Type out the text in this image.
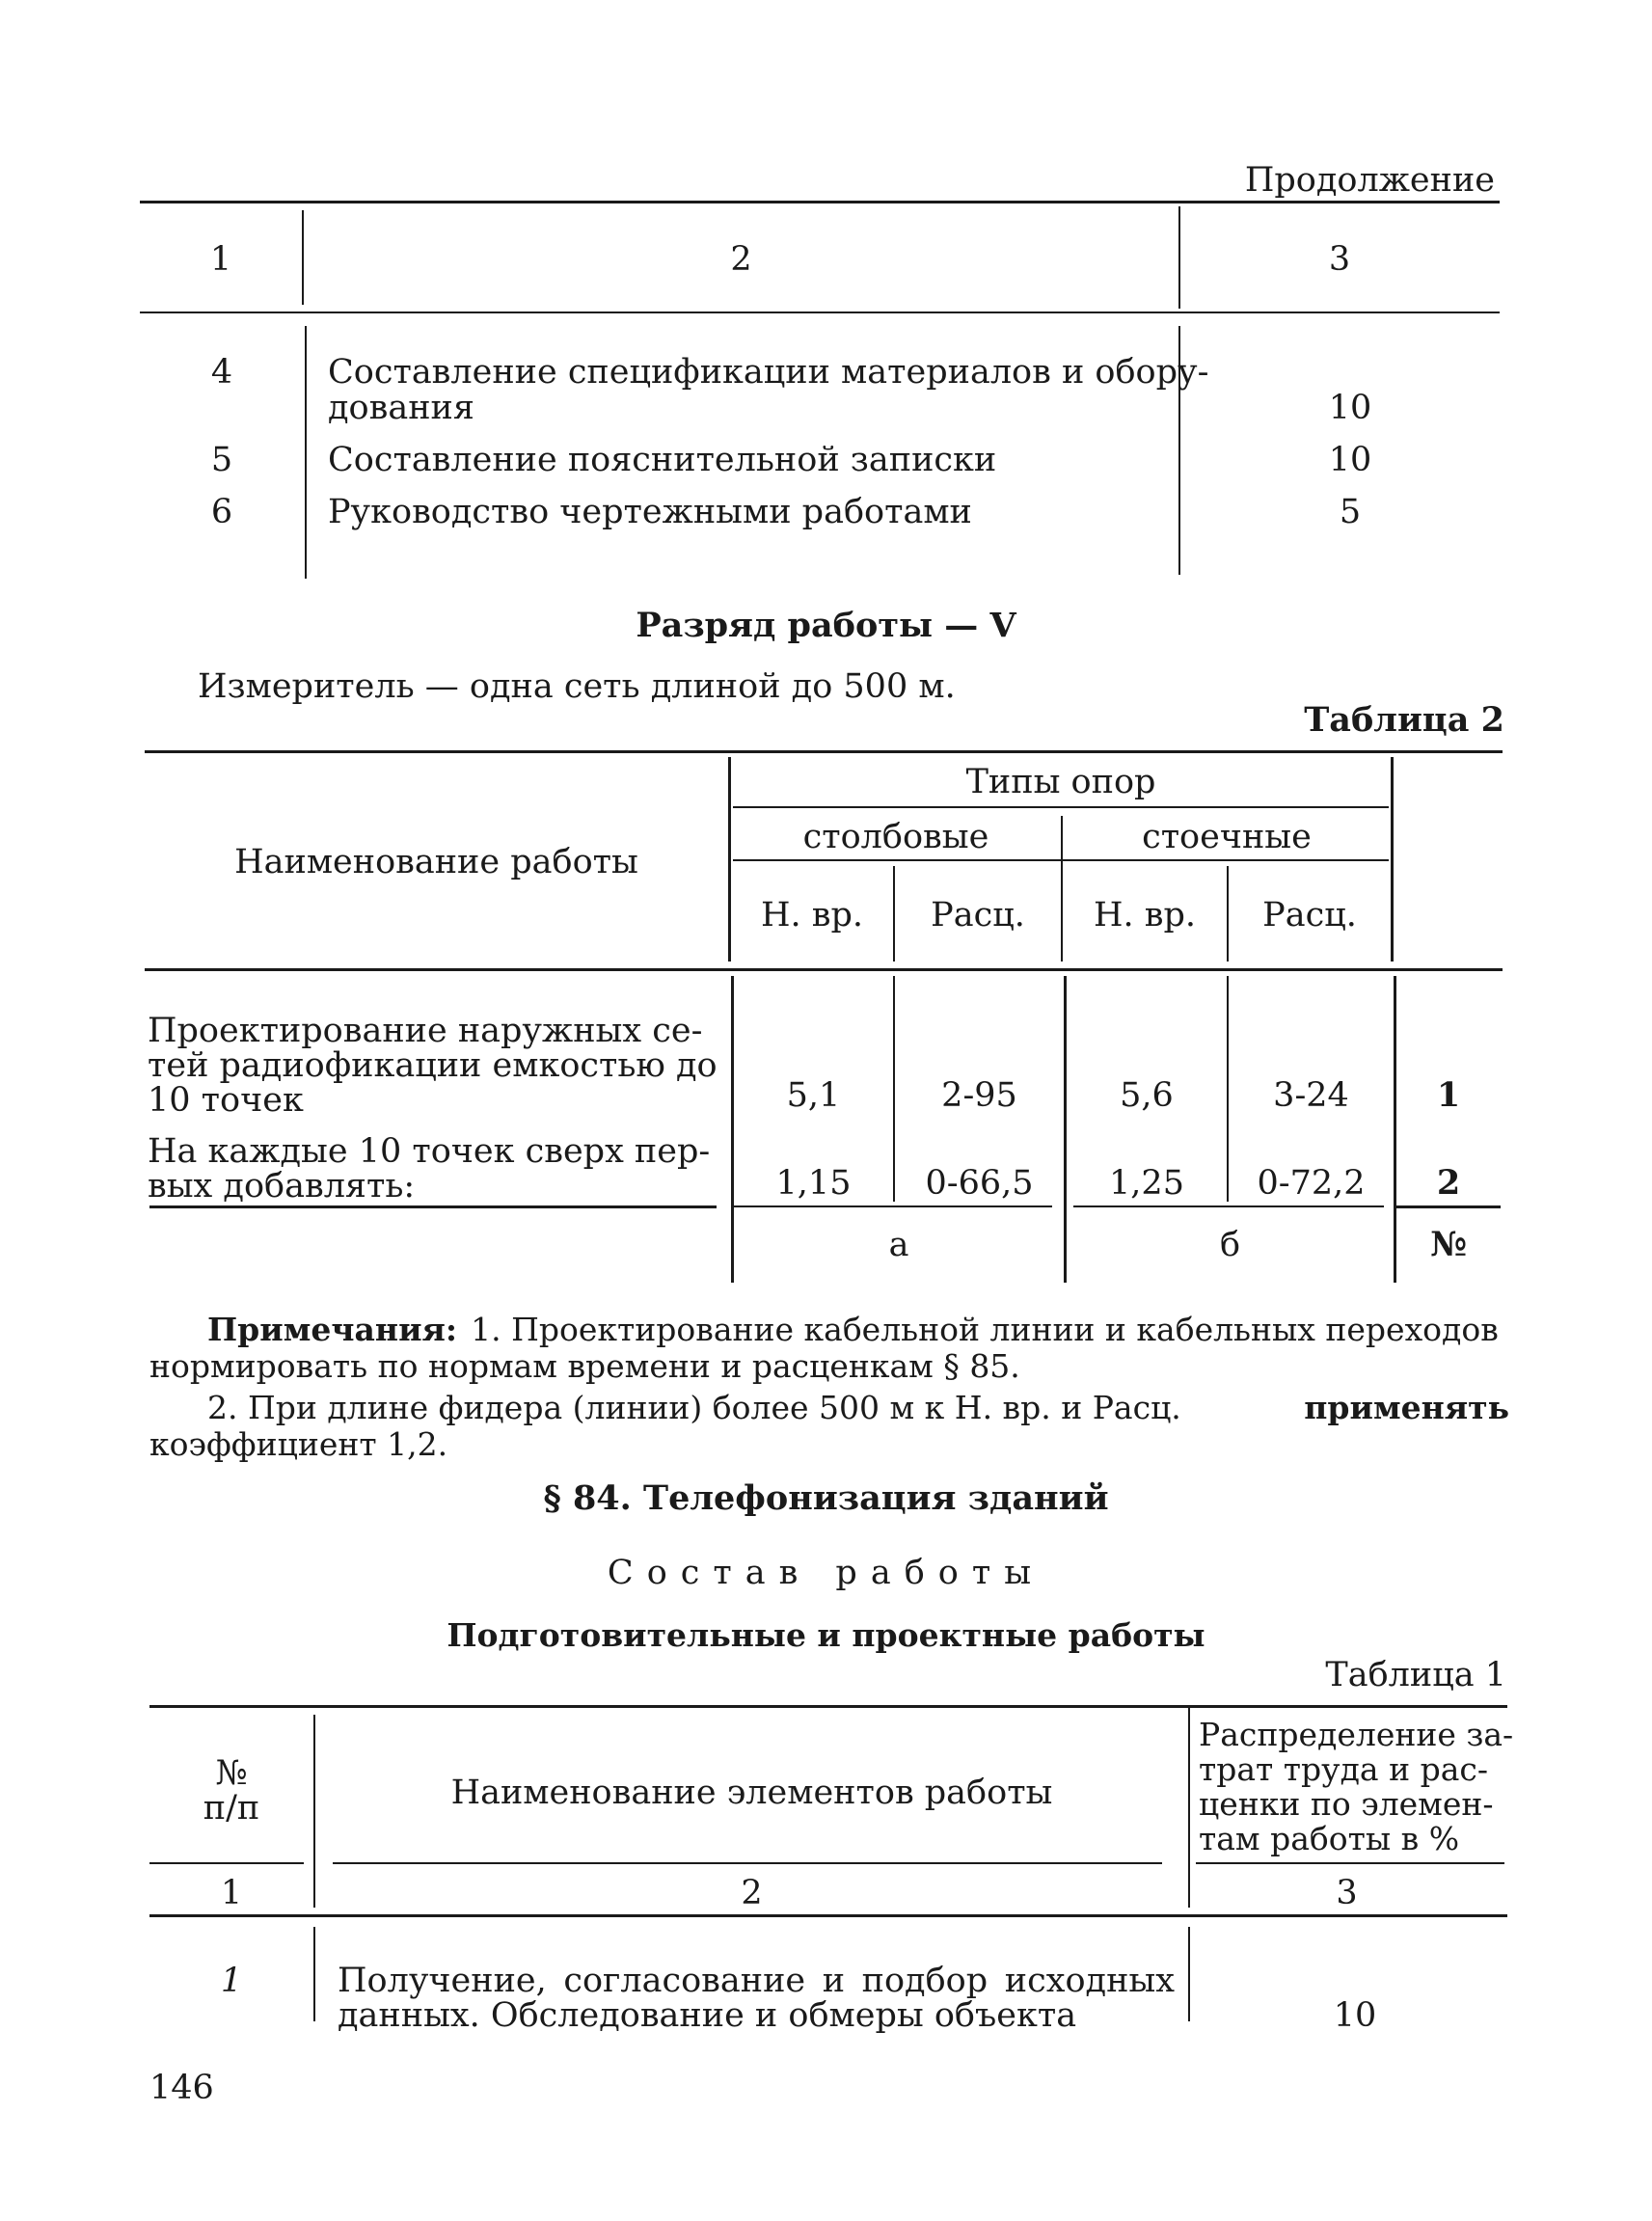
Продолжение
1	2	3
4	Составление спецификации материалов и обору-
дования	10
5	Составление пояснительной записки	10
6	Руководство чертежными работами	5
Разряд работы — V
Измеритель — одна сеть длиной до 500 м.
Таблица 2
Наименование работы
Типы опор
столбовые	стоечные
Н. вр.	Расц.	Н. вр.	Расц.
Проектирование наружных се-
тей радиофикации емкостью до
10 точек	5,1	2-95	5,6	3-24	1
На каждые 10 точек сверх пер-
вых добавлять:	1,15	0-66,5	1,25	0-72,2	2
а	б	№
Примечания: 1. Проектирование кабельной линии и кабельных переходов
нормировать по нормам времени и расценкам § 85.
2. При длине фидера (линии) более 500 м к Н. вр. и Расц.	применять
коэффициент 1,2.
§ 84. Телефонизация зданий
Состав работы
Подготовительные и проектные работы
Таблица 1
№
п/п	Наименование элементов работы
Распределение за-
трат труда и рас-
ценки по элемен-
там работы в %
1	2	3
1	Получение, согласование и подбор исходных
данных. Обследование и обмеры объекта	10
146
